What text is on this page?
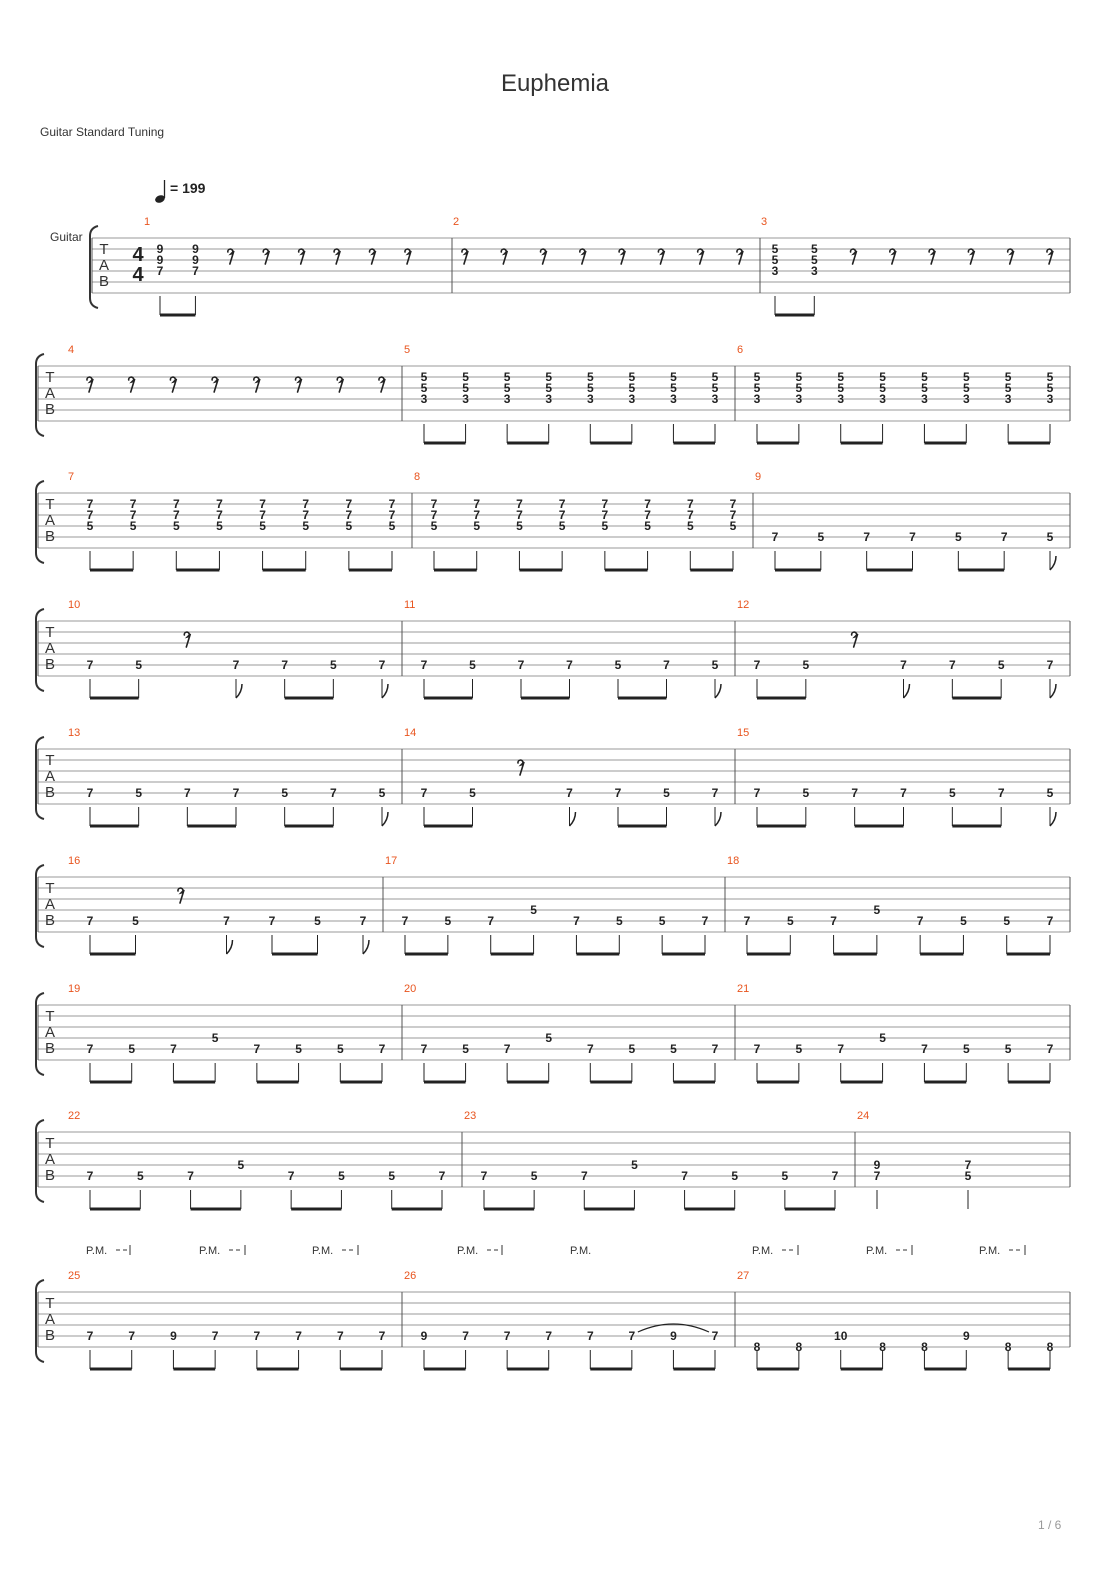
Euphemia
Guitar Standard Tuning
= 199
Guitar
T
A
B
4
4
1
9
9
7
9
9
7
2	3
5
5
3
5
5
3
T
A
B
4	5
5
5
3
5
5
3
5
5
3
5
5
3
5
5
3
5
5
3
5
5
3
5
5
3
6
5
5
3
5
5
3
5
5
3
5
5
3
5
5
3
5
5
3
5
5
3
5
5
3
T
A
B
7
7
7
5
7
7
5
7
7
5
7
7
5
7
7
5
7
7
5
7
7
5
7
7
5
8
7
7
5
7
7
5
7
7
5
7
7
5
7
7
5
7
7
5
7
7
5
7
7
5
9
7	5	7	7	5	7	5
T
A
B
10
7	5	7	7	5	7
11
7	5	7	7	5	7	5
12
7	5	7	7	5	7
T
A
B
13
7	5	7	7	5	7	5
14
7	5	7	7	5	7
15
7	5	7	7	5	7	5
T
A
B
16
7	5	7	7	5	7
17
7	5	7
5
7	5	5	7
18
7	5	7
5
7	5	5	7
T
A
B
19
7	5	7
5
7	5	5	7
20
7	5	7
5
7	5	5	7
21
7	5	7
5
7	5	5	7
T
A
B
22
7	5	7
5
7	5	5	7
23
7	5	7
5
7	5	5	7
24
9
7
7
5
T
A
B
25
7	7	9	7	7	7	7	7
26
9	7	7	7	7	7	9	7
27
8	8
10
8	8
9
8	8
P.M.	P.M.	P.M.	P.M.	P.M.	P.M.	P.M.	P.M.
1 / 6
